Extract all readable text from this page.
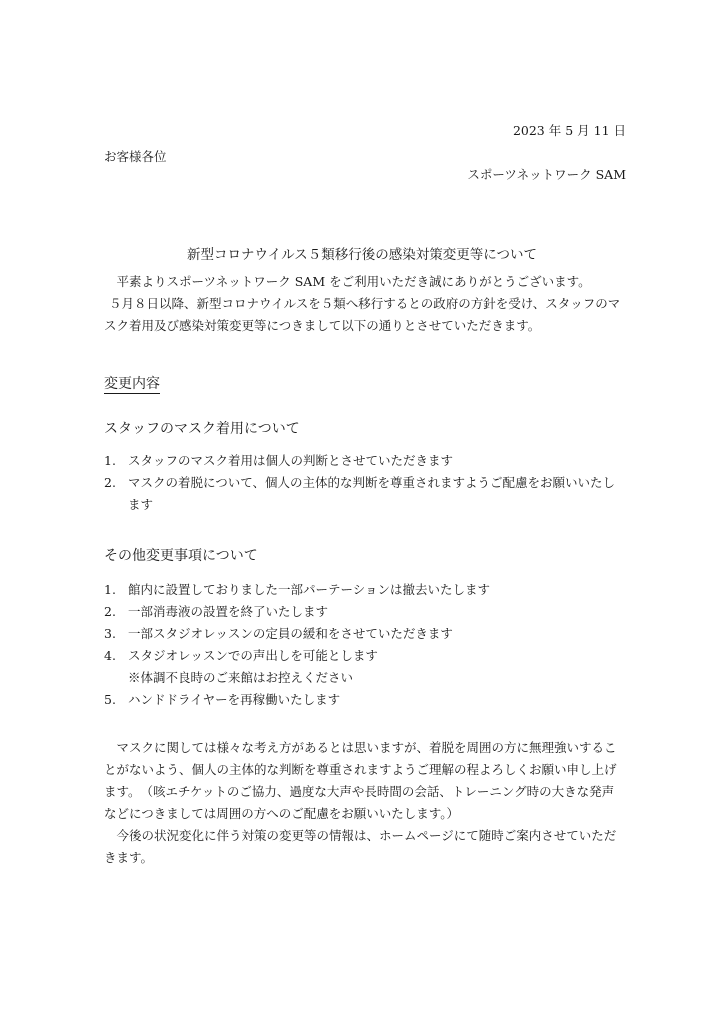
2023 年 5 月 11 日
お客様各位
スポーツネットワーク SAM
新型コロナウイルス５類移行後の感染対策変更等について

平素よりスポーツネットワーク SAM をご利用いただき誠にありがとうございます。

５月８日以降、新型コロナウイルスを５類へ移行するとの政府の方針を受け、スタッフのマスク着用及び感染対策変更等につきまして以下の通りとさせていただきます。

変更内容
スタッフのマスク着用について
1. スタッフのマスク着用は個人の判断とさせていただきます
2. マスクの着脱について、個人の主体的な判断を尊重されますようご配慮をお願いいたします
その他変更事項について
1. 館内に設置しておりました一部パーテーションは撤去いたします
2. 一部消毒液の設置を終了いたします
3. 一部スタジオレッスンの定員の緩和をさせていただきます
4. スタジオレッスンでの声出しを可能とします
※体調不良時のご来館はお控えください
5. ハンドドライヤーを再稼働いたします

マスクに関しては様々な考え方があるとは思いますが、着脱を周囲の方に無理強いすることがないよう、個人の主体的な判断を尊重されますようご理解の程よろしくお願い申し上げます。　（咳エチケットのご協力、過度な大声や長時間の会話、トレーニング時の大きな発声などにつきましては周囲の方へのご配慮をお願いいたします。）

今後の状況変化に伴う対策の変更等の情報は、ホームページにて随時ご案内させていただきます。
